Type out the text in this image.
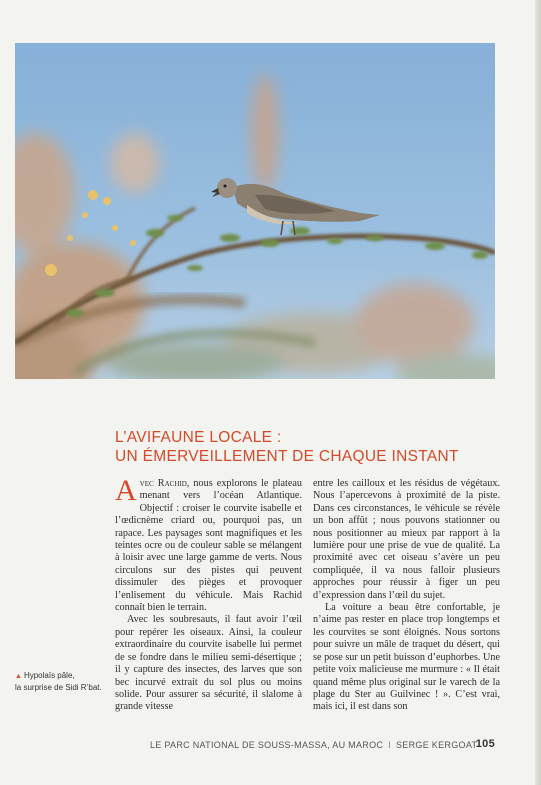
▲ Hypolaïs pâle,
la surprise de Sidi R’bat.
L’AVIFAUNE LOCALE :
UN ÉMERVEILLEMENT DE CHAQUE INSTANT

Avec Rachid, nous explorons le plateau menant vers l’océan Atlantique. Objectif : croiser le courvite isabelle et l’œdicnème criard ou, pourquoi pas, un rapace. Les paysages sont magnifiques et les teintes ocre ou de couleur sable se mélangent à loisir avec une large gamme de verts. Nous circulons sur des pistes qui peuvent dissimuler des pièges et provoquer l’enlisement du véhicule. Mais Rachid connaît bien le terrain.

Avec les soubresauts, il faut avoir l’œil pour repérer les oiseaux. Ainsi, la couleur extraordinaire du courvite isabelle lui permet de se fondre dans le milieu semi-désertique ; il y capture des insectes, des larves que son bec incurvé extrait du sol plus ou moins solide. Pour assurer sa sécurité, il slalome à grande vitesse

entre les cailloux et les résidus de végétaux. Nous l’apercevons à proximité de la piste. Dans ces circonstances, le véhicule se révèle un bon affût ; nous pouvons stationner ou nous positionner au mieux par rapport à la lumière pour une prise de vue de qualité. La proximité avec cet oiseau s’avère un peu compliquée, il va nous falloir plusieurs approches pour réussir à figer un peu d’expression dans l’œil du sujet.

La voiture a beau être confortable, je n’aime pas rester en place trop longtemps et les courvites se sont éloignés. Nous sortons pour suivre un mâle de traquet du désert, qui se pose sur un petit buisson d’euphorbes. Une petite voix malicieuse me murmure : « Il était quand même plus original sur le varech de la plage du Ster au Guilvinec ! ». C’est vrai, mais ici, il est dans son

LE PARC NATIONAL DE SOUSS-MASSA, AU MAROC I SERGE KERGOAT
105
